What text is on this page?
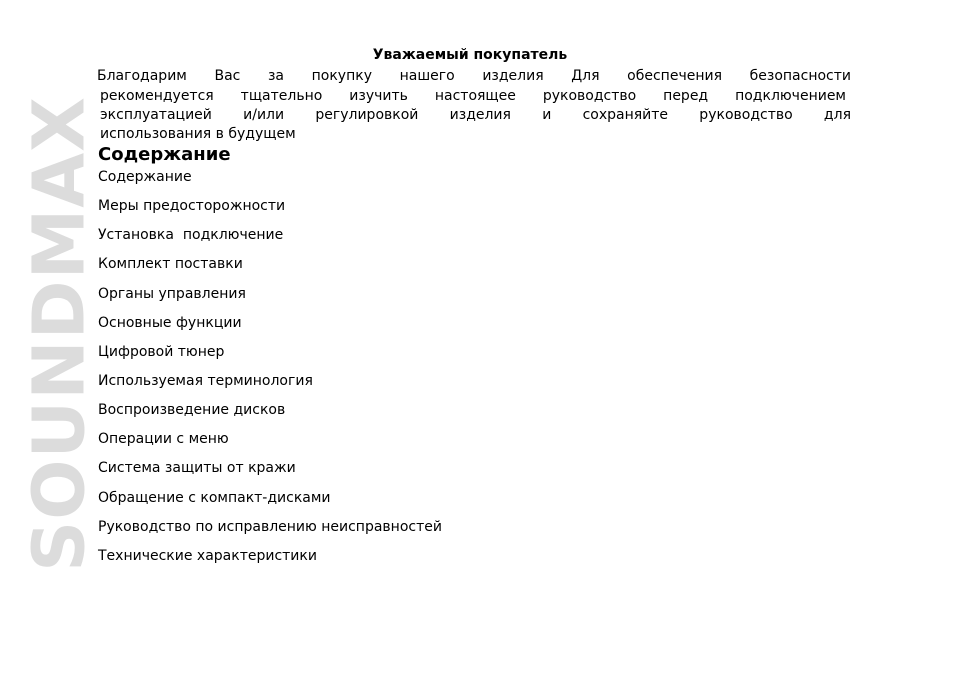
SOUNDMAX
Уважаемый покупатель
Благодарим Вас за покупку нашего изделия Для обеспечения безопасности
рекомендуется тщательно изучить настоящее руководство перед подключением
эксплуатацией и/или регулировкой изделия и сохраняйте руководство для
использования в будущем
Содержание
Содержание
Меры предосторожности
Установка  подключение
Комплект поставки
Органы управления
Основные функции
Цифровой тюнер
Используемая терминология
Воспроизведение дисков
Операции с меню
Система защиты от кражи
Обращение с компакт-дисками
Руководство по исправлению неисправностей
Технические характеристики
